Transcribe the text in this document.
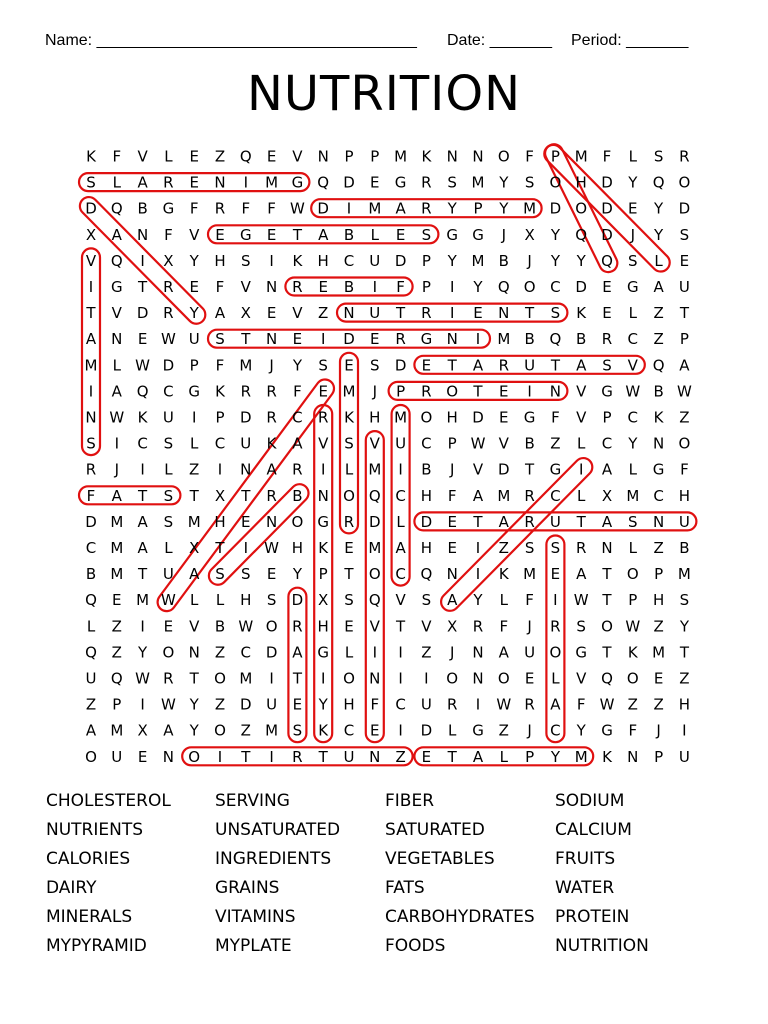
Name: ____________________________________ Date: _______ Period: _______
NUTRITION
K F V L E Z Q E V N P P M K N N O F P M F L S R
S L A R E N I M G Q D E G R S M Y S O H D Y Q O
D Q B G F R F F W D I M A R Y P Y M D O D E Y D
X A N F V E G E T A B L E S G G J X Y Q D J Y S
V Q I X Y H S I K H C U D P Y M B J Y Y Q S L E
I G T R E F V N R E B I F P I Y Q O C D E G A U
T V D R Y A X E V Z N U T R I E N T S K E L Z T
A N E W U S T N E I D E R G N I M B Q B R C Z P
M L W D P F M J Y S E S D E T A R U T A S V Q A
I A Q C G K R R F E M J P R O T E I N V G W B W
N W K U I P D R C R K H M O H D E G F V P C K Z
S I C S L C U K A V S V U C P W V B Z L C Y N O
R J I L Z I N A R I L M I B J V D T G I A L G F
F A T S T X T R B N O Q C H F A M R C L X M C H
D M A S M H E N O G R D L D E T A R U T A S N U
C M A L X T I W H K E M A H E I Z S S R N L Z B
B M T U A S S E Y P T O C Q N I K M E A T O P M
Q E M W L L H S D X S Q V S A Y L F I W T P H S
L Z I E V B W O R H E V T V X R F J R S O W Z Y
Q Z Y O N Z C D A G L I I Z J N A U O G T K M T
U Q W R T O M I T I O N I I O N O E L V Q O E Z
Z P I W Y Z D U E Y H F C U R I W R A F W Z Z H
A M X A Y O Z M S K C E I D L G Z J C Y G F J I
O U E N O I T I R T U N Z E T A L P Y M K N P U
CHOLESTEROL	SERVING	FIBER	SODIUM
NUTRIENTS	UNSATURATED	SATURATED	CALCIUM
CALORIES	INGREDIENTS	VEGETABLES	FRUITS
DAIRY	GRAINS	FATS	WATER
MINERALS	VITAMINS	CARBOHYDRATES PROTEIN
MYPYRAMID	MYPLATE	FOODS	NUTRITION
